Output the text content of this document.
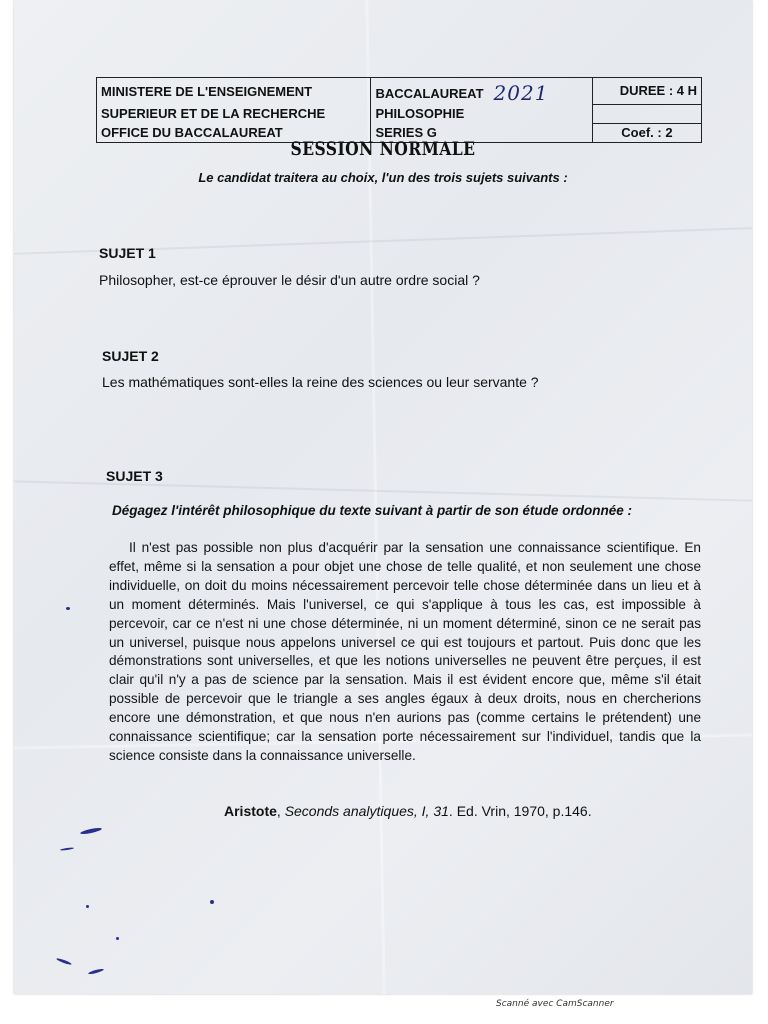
MINISTERE DE L'ENSEIGNEMENT	BACCALAUREAT 2021	DUREE : 4 H
SUPERIEUR ET DE LA RECHERCHE	PHILOSOPHIE	
OFFICE DU BACCALAUREAT	SERIES G	Coef. : 2
SESSION NORMALE
Le candidat traitera au choix, l'un des trois sujets suivants :
SUJET 1
Philosopher, est-ce éprouver le désir d'un autre ordre social ?
SUJET 2
Les mathématiques sont-elles la reine des sciences ou leur servante ?
SUJET 3
Dégagez l'intérêt philosophique du texte suivant à partir de son étude ordonnée :

Il n'est pas possible non plus d'acquérir par la sensation une connaissance scientifique. En effet, même si la sensation a pour objet une chose de telle qualité, et non seulement une chose individuelle, on doit du moins nécessairement percevoir telle chose déterminée dans un lieu et à un moment déterminés. Mais l'universel, ce qui s'applique à tous les cas, est impossible à percevoir, car ce n'est ni une chose déterminée, ni un moment déterminé, sinon ce ne serait pas un universel, puisque nous appelons universel ce qui est toujours et partout. Puis donc que les démonstrations sont universelles, et que les notions universelles ne peuvent être perçues, il est clair qu'il n'y a pas de science par la sensation. Mais il est évident encore que, même s'il était possible de percevoir que le triangle a ses angles égaux à deux droits, nous en chercherions encore une démonstration, et que nous n'en aurions pas (comme certains le prétendent) une connaissance scientifique; car la sensation porte nécessairement sur l'individuel, tandis que la science consiste dans la connaissance universelle.

Aristote, Seconds analytiques, I, 31. Ed. Vrin, 1970, p.146.
Scanné avec CamScanner
